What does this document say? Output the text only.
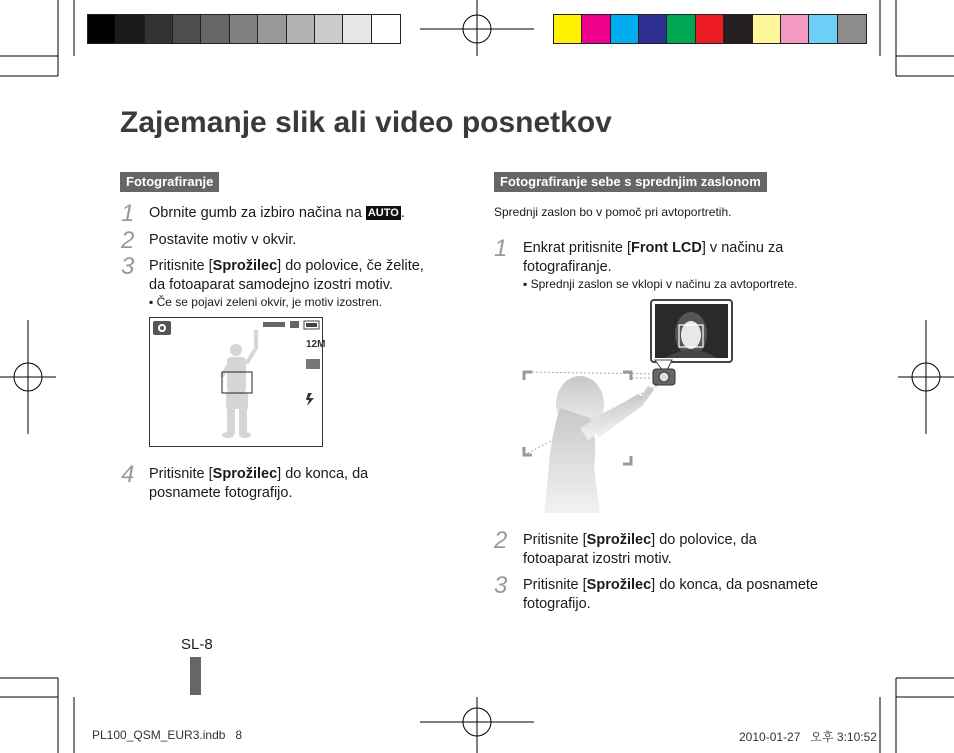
Zajemanje slik ali video posnetkov
Fotografiranje
1 Obrnite gumb za izbiro načina na AUTO .
2 Postavite motiv v okvir.
3 Pritisnite [Sprožilec] do polovice, če želite,
da fotoaparat samodejno izostri motiv.
▪ Če se pojavi zeleni okvir, je motiv izostren.
12M
4 Pritisnite [Sprožilec] do konca, da
posnamete fotografijo.
Fotografiranje sebe s sprednjim zaslonom
Sprednji zaslon bo v pomoč pri avtoportretih.
1 Enkrat pritisnite [Front LCD] v načinu za
fotografiranje.
▪ Sprednji zaslon se vklopi v načinu za avtoportrete.
2 Pritisnite [Sprožilec] do polovice, da
fotoaparat izostri motiv.
3 Pritisnite [Sprožilec] do konca, da posnamete
fotografijo.
SL-8
PL100_QSM_EUR3.indb   8	2010-01-27   오후 3:10:52
